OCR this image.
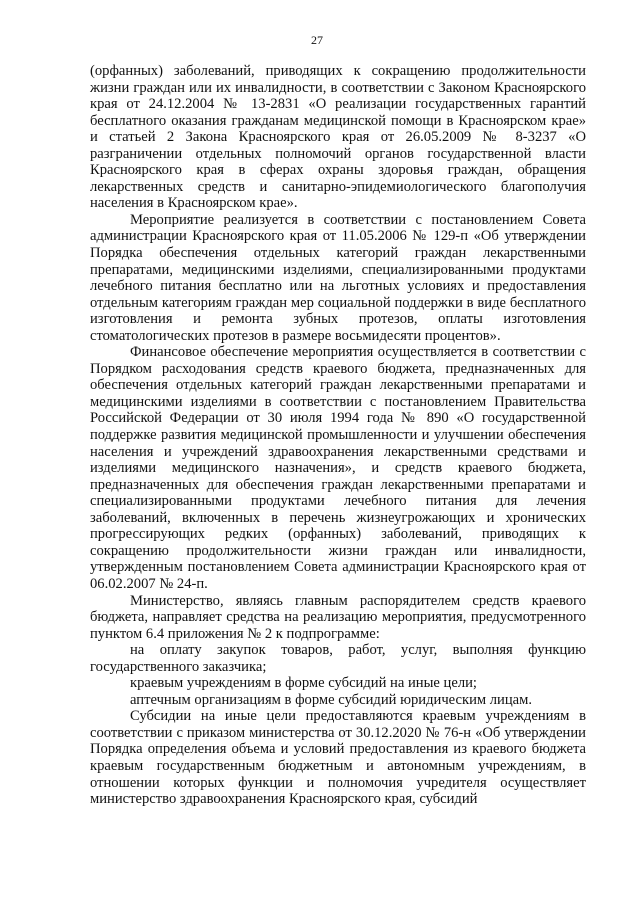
27

(орфанных) заболеваний, приводящих к сокращению продолжительности жизни граждан или их инвалидности, в соответствии с Законом Красноярского края от 24.12.2004 № 13-2831 «О реализации государственных гарантий бесплатного оказания гражданам медицинской помощи в Красноярском крае» и статьей 2 Закона Красноярского края от 26.05.2009 № 8-3237 «О разграничении отдельных полномочий органов государственной власти Красноярского края в сферах охраны здоровья граждан, обращения лекарственных средств и санитарно-эпидемиологического благополучия населения в Красноярском крае».

Мероприятие реализуется в соответствии с постановлением Совета администрации Красноярского края от 11.05.2006 № 129-п «Об утверждении Порядка обеспечения отдельных категорий граждан лекарственными препаратами, медицинскими изделиями, специализированными продуктами лечебного питания бесплатно или на льготных условиях и предоставления отдельным категориям граждан мер социальной поддержки в виде бесплатного изготовления и ремонта зубных протезов, оплаты изготовления стоматологических протезов в размере восьмидесяти процентов».

Финансовое обеспечение мероприятия осуществляется в соответствии с Порядком расходования средств краевого бюджета, предназначенных для обеспечения отдельных категорий граждан лекарственными препаратами и медицинскими изделиями в соответствии с постановлением Правительства Российской Федерации от 30 июля 1994 года № 890 «О государственной поддержке развития медицинской промышленности и улучшении обеспечения населения и учреждений здравоохранения лекарственными средствами и изделиями медицинского назначения», и средств краевого бюджета, предназначенных для обеспечения граждан лекарственными препаратами и специализированными продуктами лечебного питания для лечения заболеваний, включенных в перечень жизнеугрожающих и хронических прогрессирующих редких (орфанных) заболеваний, приводящих к сокращению продолжительности жизни граждан или инвалидности, утвержденным постановлением Совета администрации Красноярского края от 06.02.2007 № 24-п.

Министерство, являясь главным распорядителем средств краевого бюджета, направляет средства на реализацию мероприятия, предусмотренного пунктом 6.4 приложения № 2 к подпрограмме:

на оплату закупок товаров, работ, услуг, выполняя функцию государственного заказчика;

краевым учреждениям в форме субсидий на иные цели;

аптечным организациям в форме субсидий юридическим лицам.

Субсидии на иные цели предоставляются краевым учреждениям в соответствии с приказом министерства от 30.12.2020 № 76-н «Об утверждении Порядка определения объема и условий предоставления из краевого бюджета краевым государственным бюджетным и автономным учреждениям, в отношении которых функции и полномочия учредителя осуществляет министерство здравоохранения Красноярского края, субсидий
